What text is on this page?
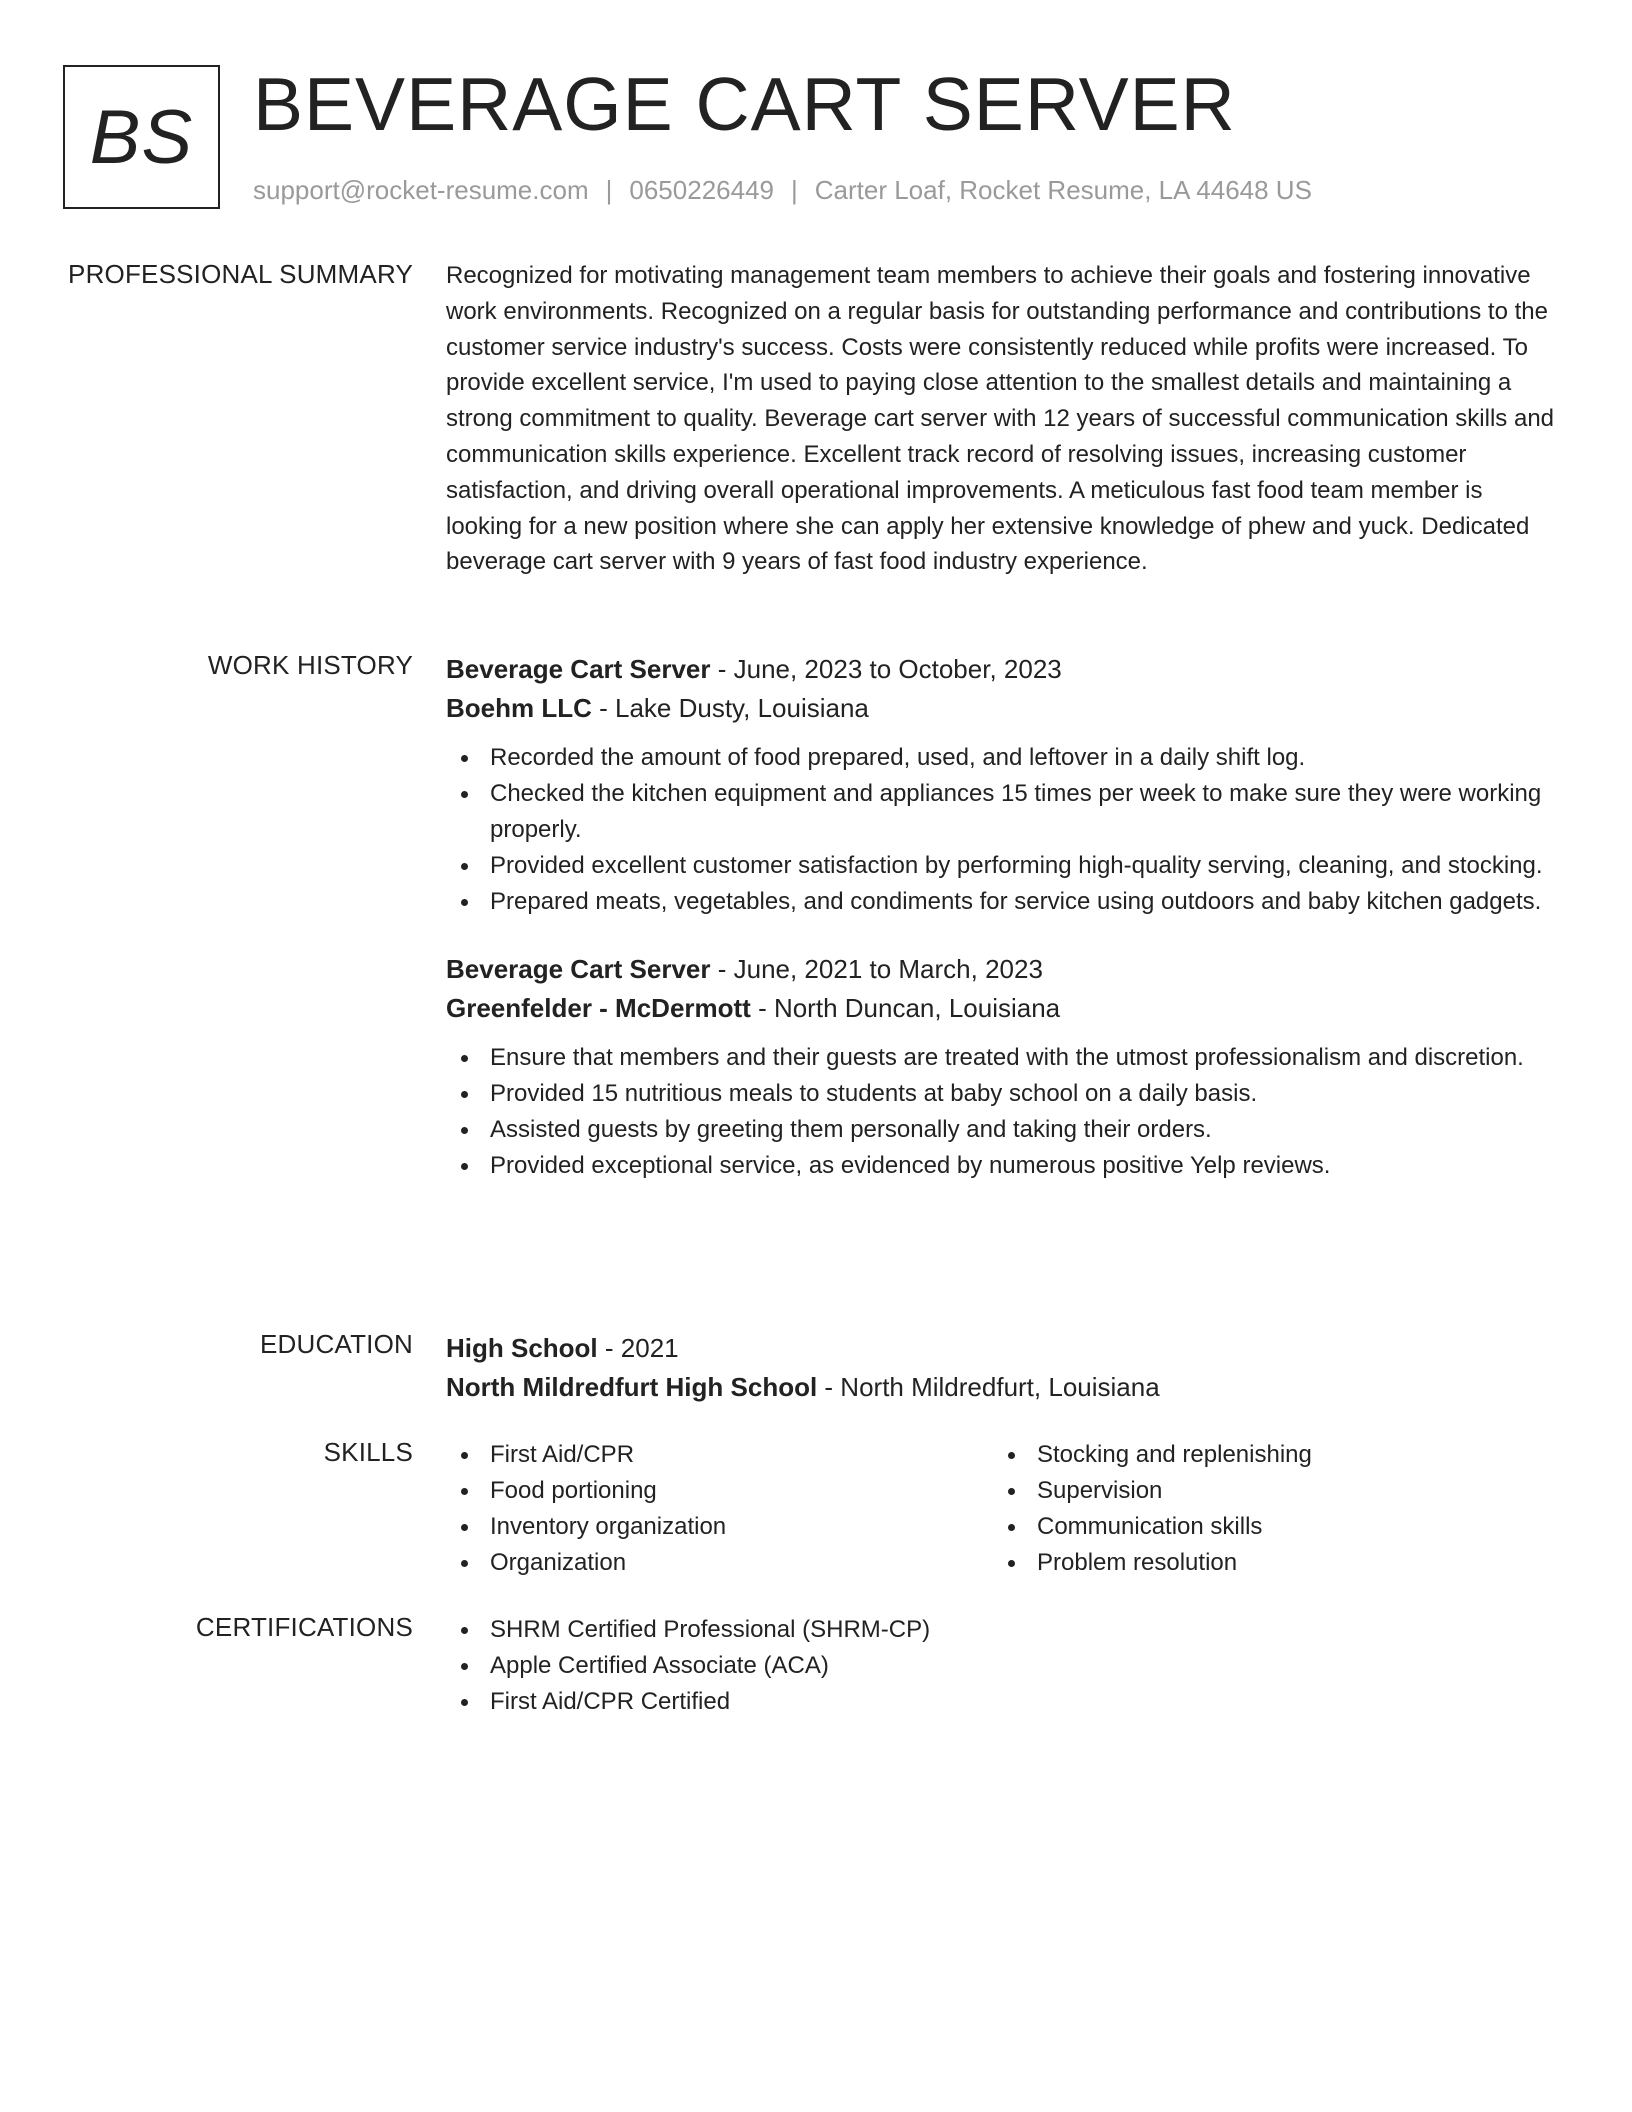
BS BEVERAGE CART SERVER
support@rocket-resume.com | 0650226449 | Carter Loaf, Rocket Resume, LA 44648 US
PROFESSIONAL SUMMARY Recognized for motivating management team members to achieve their goals and fostering innovative work environments. Recognized on a regular basis for outstanding performance and contributions to the customer service industry's success. Costs were consistently reduced while profits were increased. To provide excellent service, I'm used to paying close attention to the smallest details and maintaining a strong commitment to quality. Beverage cart server with 12 years of successful communication skills and communication skills experience. Excellent track record of resolving issues, increasing customer satisfaction, and driving overall operational improvements. A meticulous fast food team member is looking for a new position where she can apply her extensive knowledge of phew and yuck. Dedicated beverage cart server with 9 years of fast food industry experience.
WORK HISTORY Beverage Cart Server - June, 2023 to October, 2023
Boehm LLC - Lake Dusty, Louisiana
Recorded the amount of food prepared, used, and leftover in a daily shift log.
Checked the kitchen equipment and appliances 15 times per week to make sure they were working properly.
Provided excellent customer satisfaction by performing high-quality serving, cleaning, and stocking.
Prepared meats, vegetables, and condiments for service using outdoors and baby kitchen gadgets.
Beverage Cart Server - June, 2021 to March, 2023
Greenfelder - McDermott - North Duncan, Louisiana
Ensure that members and their guests are treated with the utmost professionalism and discretion.
Provided 15 nutritious meals to students at baby school on a daily basis.
Assisted guests by greeting them personally and taking their orders.
Provided exceptional service, as evidenced by numerous positive Yelp reviews.
EDUCATION High School - 2021
North Mildredfurt High School - North Mildredfurt, Louisiana
SKILLS	First Aid/CPR
Food portioning
Inventory organization
Organization
Stocking and replenishing
Supervision
Communication skills
Problem resolution
CERTIFICATIONS	SHRM Certified Professional (SHRM-CP)
Apple Certified Associate (ACA)
First Aid/CPR Certified
